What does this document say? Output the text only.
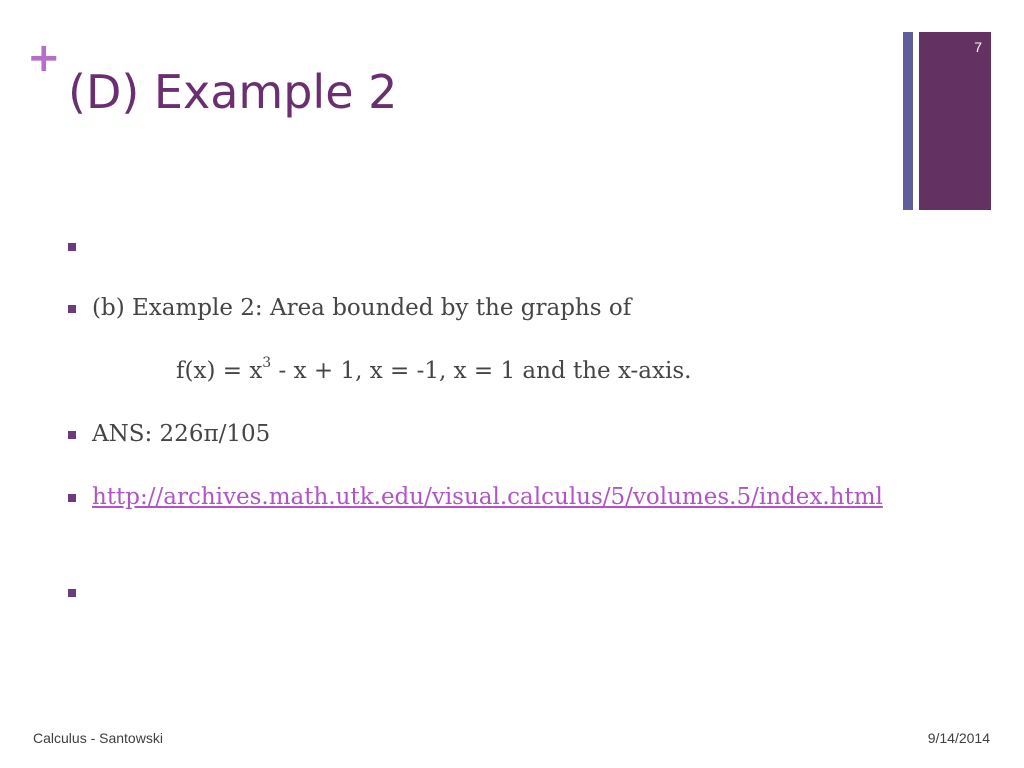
+
(D) Example 2
7
(b) Example 2: Area bounded by the graphs of
$f(x) = x^3 - x + 1$, x = -1, x = 1 and the x-axis.
ANS: 226π/105
http://archives.math.utk.edu/visual.calculus/5/volumes.5/index.html
Calculus - Santowski	9/14/2014
